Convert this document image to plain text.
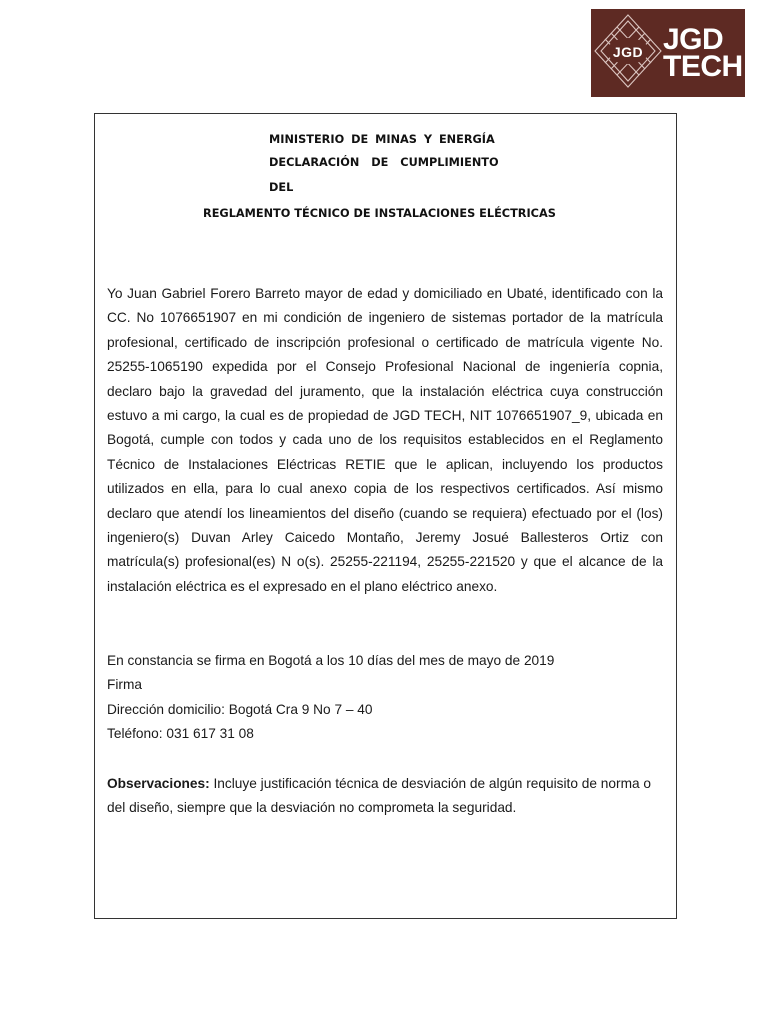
JGD JGD
TECH
MINISTERIO DE MINAS Y ENERGÍA
DECLARACIÓN DE CUMPLIMIENTO
DEL
REGLAMENTO TÉCNICO DE INSTALACIONES ELÉCTRICAS
Yo Juan Gabriel Forero Barreto mayor de edad y domiciliado en Ubaté, identificado con la CC. No 1076651907 en mi condición de ingeniero de sistemas portador de la matrícula profesional, certificado de inscripción profesional o certificado de matrícula vigente No. 25255-1065190 expedida por el Consejo Profesional Nacional de ingeniería copnia, declaro bajo la gravedad del juramento, que la instalación eléctrica cuya construcción estuvo a mi cargo, la cual es de propiedad de JGD TECH, NIT 1076651907_9, ubicada en Bogotá, cumple con todos y cada uno de los requisitos establecidos en el Reglamento Técnico de Instalaciones Eléctricas RETIE que le aplican, incluyendo los productos utilizados en ella, para lo cual anexo copia de los respectivos certificados. Así mismo declaro que atendí los lineamientos del diseño (cuando se requiera) efectuado por el (los) ingeniero(s) Duvan Arley Caicedo Montaño, Jeremy Josué Ballesteros Ortiz con matrícula(s) profesional(es) N o(s). 25255-221194, 25255-221520 y que el alcance de la instalación eléctrica es el expresado en el plano eléctrico anexo.
En constancia se firma en Bogotá a los 10 días del mes de mayo de 2019
Firma
Dirección domicilio: Bogotá Cra 9 No 7 – 40
Teléfono: 031 617 31 08
Observaciones: Incluye justificación técnica de desviación de algún requisito de norma o del diseño, siempre que la desviación no comprometa la seguridad.
